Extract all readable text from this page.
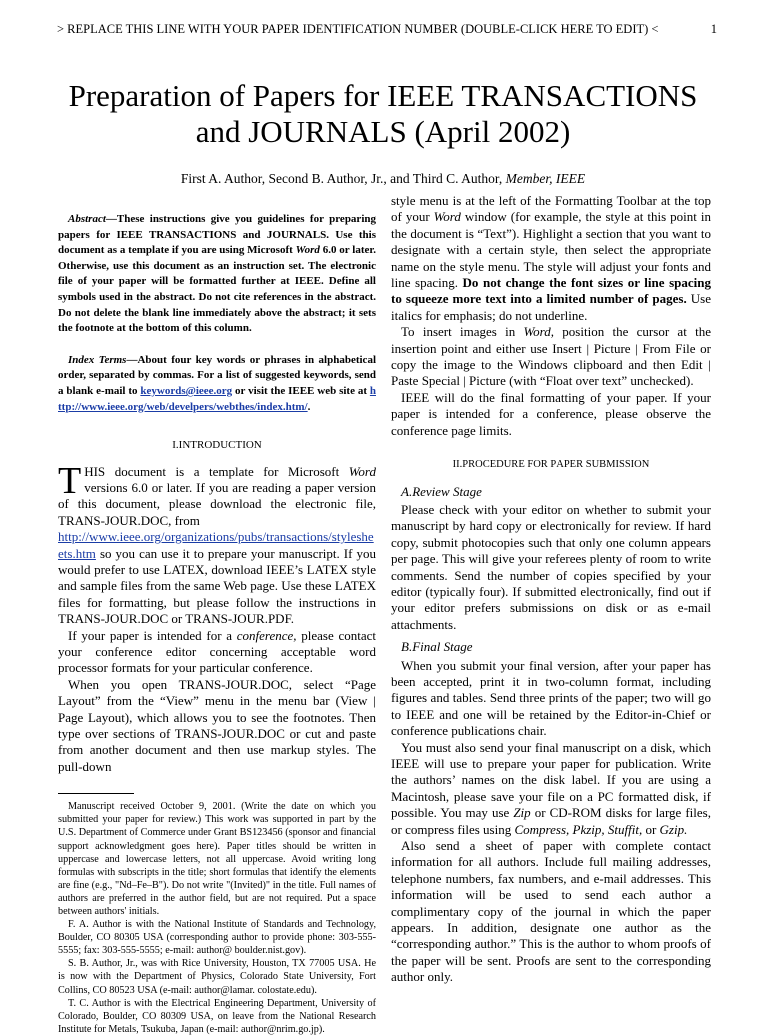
> REPLACE THIS LINE WITH YOUR PAPER IDENTIFICATION NUMBER (DOUBLE-CLICK HERE TO EDIT) <	1
Preparation of Papers for IEEE TRANSACTIONS
and JOURNALS (April 2002)
First A. Author, Second B. Author, Jr., and Third C. Author, Member, IEEE

Abstract—These instructions give you guidelines for preparing papers for IEEE TRANSACTIONS and JOURNALS. Use this document as a template if you are using Microsoft Word 6.0 or later. Otherwise, use this document as an instruction set. The electronic file of your paper will be formatted further at IEEE. Define all symbols used in the abstract. Do not cite references in the abstract. Do not delete the blank line immediately above the abstract; it sets the footnote at the bottom of this column.

Index Terms—About four key words or phrases in alphabetical order, separated by commas. For a list of suggested keywords, send a blank e-mail to keywords@ieee.org or visit the IEEE web site at http://www.ieee.org/web/develpers/webthes/index.htm/.

I.INTRODUCTION

THIS document is a template for Microsoft Word versions 6.0 or later. If you are reading a paper version of this document, please download the electronic file, TRANS-JOUR.DOC, from
http://www.ieee.org/organizations/pubs/transactions/stylesheets.htm so you can use it to prepare your manuscript. If you would prefer to use LATEX, download IEEE’s LATEX style and sample files from the same Web page. Use these LATEX files for formatting, but please follow the instructions in TRANS-JOUR.DOC or TRANS-JOUR.PDF.

If your paper is intended for a conference, please contact your conference editor concerning acceptable word processor formats for your particular conference.

When you open TRANS-JOUR.DOC, select “Page Layout” from the “View” menu in the menu bar (View | Page Layout), which allows you to see the footnotes. Then type over sections of TRANS-JOUR.DOC or cut and paste from another document and then use markup styles. The pull-down

Manuscript received October 9, 2001. (Write the date on which you submitted your paper for review.) This work was supported in part by the U.S. Department of Commerce under Grant BS123456 (sponsor and financial support acknowledgment goes here). Paper titles should be written in uppercase and lowercase letters, not all uppercase. Avoid writing long formulas with subscripts in the title; short formulas that identify the elements are fine (e.g., "Nd–Fe–B"). Do not write "(Invited)" in the title. Full names of authors are preferred in the author field, but are not required. Put a space between authors' initials.

F. A. Author is with the National Institute of Standards and Technology, Boulder, CO 80305 USA (corresponding author to provide phone: 303-555-5555; fax: 303-555-5555; e-mail: author@ boulder.nist.gov).

S. B. Author, Jr., was with Rice University, Houston, TX 77005 USA. He is now with the Department of Physics, Colorado State University, Fort Collins, CO 80523 USA (e-mail: author@lamar. colostate.edu).

T. C. Author is with the Electrical Engineering Department, University of Colorado, Boulder, CO 80309 USA, on leave from the National Research Institute for Metals, Tsukuba, Japan (e-mail: author@nrim.go.jp).

style menu is at the left of the Formatting Toolbar at the top of your Word window (for example, the style at this point in the document is “Text”). Highlight a section that you want to designate with a certain style, then select the appropriate name on the style menu. The style will adjust your fonts and line spacing. Do not change the font sizes or line spacing to squeeze more text into a limited number of pages. Use italics for emphasis; do not underline.

To insert images in Word, position the cursor at the insertion point and either use Insert | Picture | From File or copy the image to the Windows clipboard and then Edit | Paste Special | Picture (with “Float over text” unchecked).

IEEE will do the final formatting of your paper. If your paper is intended for a conference, please observe the conference page limits.

II.PROCEDURE FOR PAPER SUBMISSION
A.Review Stage

Please check with your editor on whether to submit your manuscript by hard copy or electronically for review. If hard copy, submit photocopies such that only one column appears per page. This will give your referees plenty of room to write comments. Send the number of copies specified by your editor (typically four). If submitted electronically, find out if your editor prefers submissions on disk or as e-mail attachments.

B.Final Stage

When you submit your final version, after your paper has been accepted, print it in two-column format, including figures and tables. Send three prints of the paper; two will go to IEEE and one will be retained by the Editor-in-Chief or conference publications chair.

You must also send your final manuscript on a disk, which IEEE will use to prepare your paper for publication. Write the authors’ names on the disk label. If you are using a Macintosh, please save your file on a PC formatted disk, if possible. You may use Zip or CD-ROM disks for large files, or compress files using Compress, Pkzip, Stuffit, or Gzip.

Also send a sheet of paper with complete contact information for all authors. Include full mailing addresses, telephone numbers, fax numbers, and e-mail addresses. This information will be used to send each author a complimentary copy of the journal in which the paper appears. In addition, designate one author as the “corresponding author.” This is the author to whom proofs of the paper will be sent. Proofs are sent to the corresponding author only.
